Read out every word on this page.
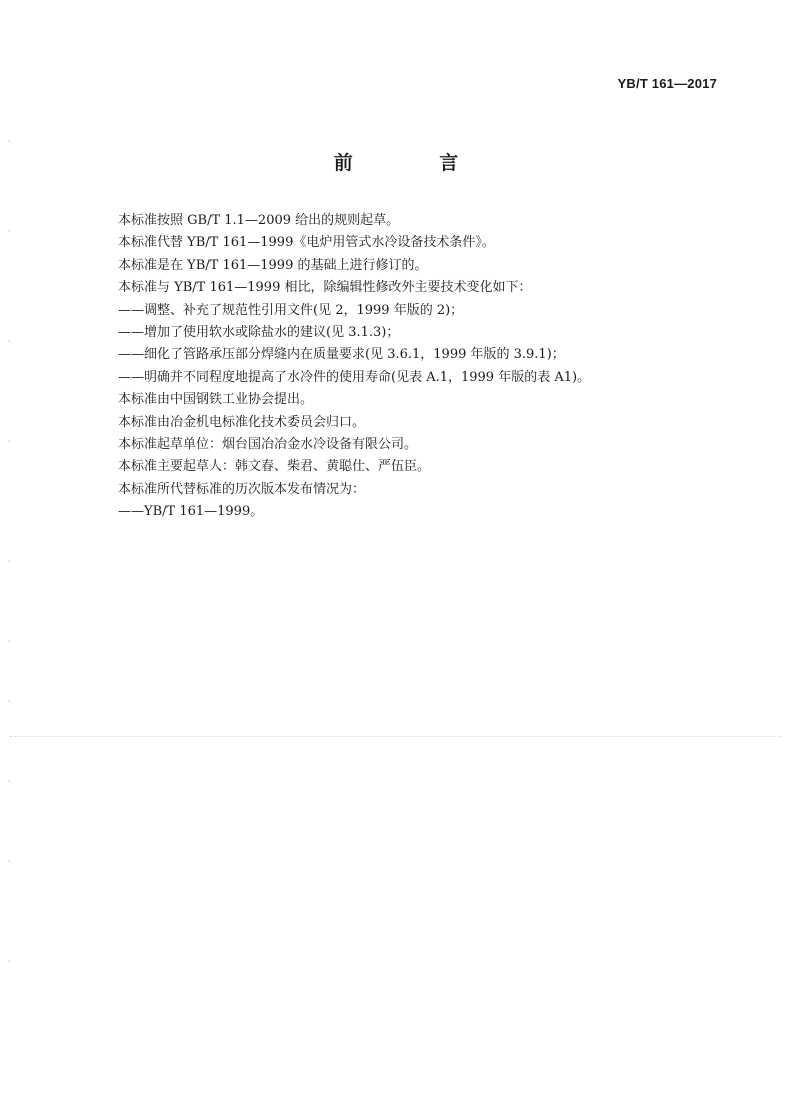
YB/T 161—2017
前 言
本标准按照 GB/T 1.1—2009 给出的规则起草。
本标准代替 YB/T 161—1999《电炉用管式水冷设备技术条件》。
本标准是在 YB/T 161—1999 的基础上进行修订的。
本标准与 YB/T 161—1999 相比，除编辑性修改外主要技术变化如下：
——调整、补充了规范性引用文件(见 2，1999 年版的 2)；
——增加了使用软水或除盐水的建议(见 3.1.3)；
——细化了管路承压部分焊缝内在质量要求(见 3.6.1，1999 年版的 3.9.1)；
——明确并不同程度地提高了水冷件的使用寿命(见表 A.1，1999 年版的表 A1)。
本标准由中国钢铁工业协会提出。
本标准由冶金机电标准化技术委员会归口。
本标准起草单位：烟台国冶冶金水冷设备有限公司。
本标准主要起草人：韩文春、柴君、黄聪仕、严伍臣。
本标准所代替标准的历次版本发布情况为：
——YB/T 161—1999。
